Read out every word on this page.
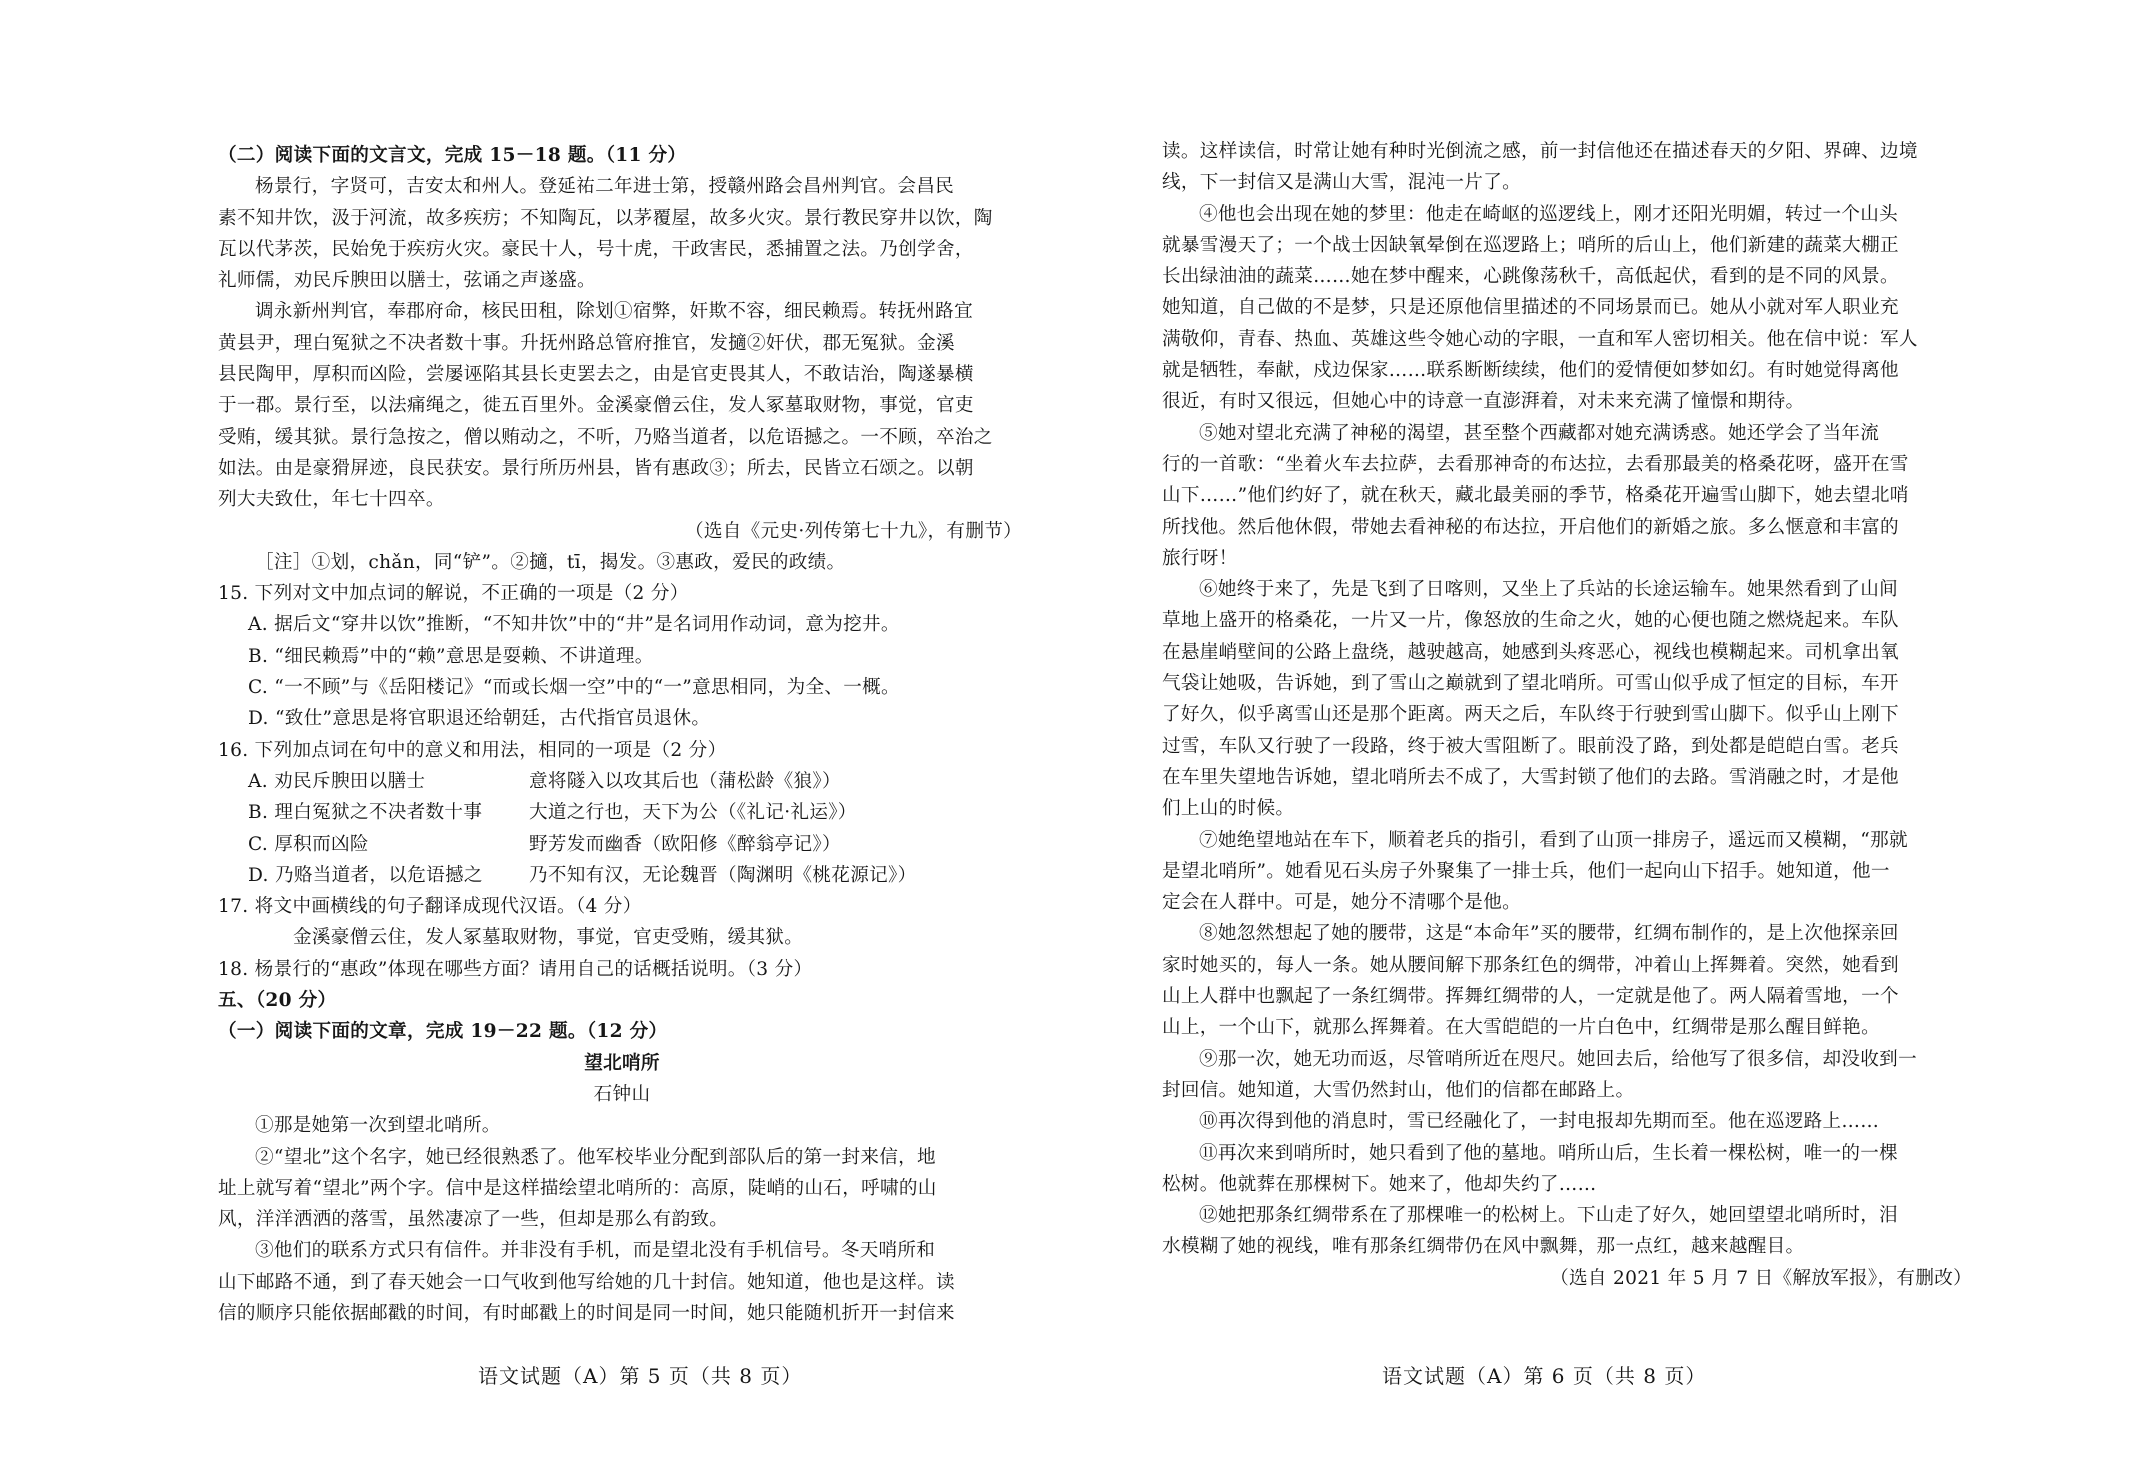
（二）阅读下面的文言文，完成 15－18 题。（11 分）
杨景行，字贤可，吉安太和州人。登延祐二年进士第，授赣州路会昌州判官。会昌民
素不知井饮，汲于河流，故多疾疠；不知陶瓦，以茅覆屋，故多火灾。景行教民穿井以饮，陶
瓦以代茅茨，民始免于疾疠火灾。豪民十人，号十虎，干政害民，悉捕置之法。乃创学舍，
礼师儒，劝民斥腴田以膳士，弦诵之声遂盛。
调永新州判官，奉郡府命，核民田租，除划①宿弊，奸欺不容，细民赖焉。转抚州路宜
黄县尹，理白冤狱之不决者数十事。升抚州路总管府推官，发擿②奸伏，郡无冤狱。金溪
县民陶甲，厚积而凶险，尝屡诬陷其县长吏罢去之，由是官吏畏其人，不敢诘治，陶遂暴横
于一郡。景行至，以法痛绳之，徙五百里外。金溪豪僧云住，发人冢墓取财物，事觉，官吏
受贿，缓其狱。景行急按之，僧以贿动之，不听，乃赂当道者，以危语撼之。一不顾，卒治之
如法。由是豪猾屏迹，良民获安。景行所历州县，皆有惠政③；所去，民皆立石颂之。以朝
列大夫致仕，年七十四卒。
（选自《元史·列传第七十九》，有删节）
［注］①划，chǎn，同“铲”。②擿，tī，揭发。③惠政，爱民的政绩。
15. 下列对文中加点词的解说，不正确的一项是（2 分）
A. 据后文“穿井以饮”推断，“不知井饮”中的“井”是名词用作动词，意为挖井。
B. “细民赖焉”中的“赖”意思是耍赖、不讲道理。
C. “一不顾”与《岳阳楼记》“而或长烟一空”中的“一”意思相同，为全、一概。
D. “致仕”意思是将官职退还给朝廷，古代指官员退休。
16. 下列加点词在句中的意义和用法，相同的一项是（2 分）
A. 劝民斥腴田以膳士	意将隧入以攻其后也（蒲松龄《狼》）
B. 理白冤狱之不决者数十事	大道之行也，天下为公（《礼记·礼运》）
C. 厚积而凶险	野芳发而幽香（欧阳修《醉翁亭记》）
D. 乃赂当道者，以危语撼之	乃不知有汉，无论魏晋（陶渊明《桃花源记》）
17. 将文中画横线的句子翻译成现代汉语。（4 分）
金溪豪僧云住，发人冢墓取财物，事觉，官吏受贿，缓其狱。
18. 杨景行的“惠政”体现在哪些方面？请用自己的话概括说明。（3 分）
五、（20 分）
（一）阅读下面的文章，完成 19－22 题。（12 分）
望北哨所
石钟山
①那是她第一次到望北哨所。
②“望北”这个名字，她已经很熟悉了。他军校毕业分配到部队后的第一封来信，地
址上就写着“望北”两个字。信中是这样描绘望北哨所的：高原，陡峭的山石，呼啸的山
风，洋洋洒洒的落雪，虽然凄凉了一些，但却是那么有韵致。
③他们的联系方式只有信件。并非没有手机，而是望北没有手机信号。冬天哨所和
山下邮路不通，到了春天她会一口气收到他写给她的几十封信。她知道，他也是这样。读
信的顺序只能依据邮戳的时间，有时邮戳上的时间是同一时间，她只能随机折开一封信来
读。这样读信，时常让她有种时光倒流之感，前一封信他还在描述春天的夕阳、界碑、边境
线，下一封信又是满山大雪，混沌一片了。
④他也会出现在她的梦里：他走在崎岖的巡逻线上，刚才还阳光明媚，转过一个山头
就暴雪漫天了；一个战士因缺氧晕倒在巡逻路上；哨所的后山上，他们新建的蔬菜大棚正
长出绿油油的蔬菜……她在梦中醒来，心跳像荡秋千，高低起伏，看到的是不同的风景。
她知道，自己做的不是梦，只是还原他信里描述的不同场景而已。她从小就对军人职业充
满敬仰，青春、热血、英雄这些令她心动的字眼，一直和军人密切相关。他在信中说：军人
就是牺牲，奉献，戍边保家……联系断断续续，他们的爱情便如梦如幻。有时她觉得离他
很近，有时又很远，但她心中的诗意一直澎湃着，对未来充满了憧憬和期待。
⑤她对望北充满了神秘的渴望，甚至整个西藏都对她充满诱惑。她还学会了当年流
行的一首歌：“坐着火车去拉萨，去看那神奇的布达拉，去看那最美的格桑花呀，盛开在雪
山下……”他们约好了，就在秋天，藏北最美丽的季节，格桑花开遍雪山脚下，她去望北哨
所找他。然后他休假，带她去看神秘的布达拉，开启他们的新婚之旅。多么惬意和丰富的
旅行呀！
⑥她终于来了，先是飞到了日喀则，又坐上了兵站的长途运输车。她果然看到了山间
草地上盛开的格桑花，一片又一片，像怒放的生命之火，她的心便也随之燃烧起来。车队
在悬崖峭壁间的公路上盘绕，越驶越高，她感到头疼恶心，视线也模糊起来。司机拿出氧
气袋让她吸，告诉她，到了雪山之巅就到了望北哨所。可雪山似乎成了恒定的目标，车开
了好久，似乎离雪山还是那个距离。两天之后，车队终于行驶到雪山脚下。似乎山上刚下
过雪，车队又行驶了一段路，终于被大雪阻断了。眼前没了路，到处都是皑皑白雪。老兵
在车里失望地告诉她，望北哨所去不成了，大雪封锁了他们的去路。雪消融之时，才是他
们上山的时候。
⑦她绝望地站在车下，顺着老兵的指引，看到了山顶一排房子，遥远而又模糊，“那就
是望北哨所”。她看见石头房子外聚集了一排士兵，他们一起向山下招手。她知道，他一
定会在人群中。可是，她分不清哪个是他。
⑧她忽然想起了她的腰带，这是“本命年”买的腰带，红绸布制作的，是上次他探亲回
家时她买的，每人一条。她从腰间解下那条红色的绸带，冲着山上挥舞着。突然，她看到
山上人群中也飘起了一条红绸带。挥舞红绸带的人，一定就是他了。两人隔着雪地，一个
山上，一个山下，就那么挥舞着。在大雪皑皑的一片白色中，红绸带是那么醒目鲜艳。
⑨那一次，她无功而返，尽管哨所近在咫尺。她回去后，给他写了很多信，却没收到一
封回信。她知道，大雪仍然封山，他们的信都在邮路上。
⑩再次得到他的消息时，雪已经融化了，一封电报却先期而至。他在巡逻路上……
⑪再次来到哨所时，她只看到了他的墓地。哨所山后，生长着一棵松树，唯一的一棵
松树。他就葬在那棵树下。她来了，他却失约了……
⑫她把那条红绸带系在了那棵唯一的松树上。下山走了好久，她回望望北哨所时，泪
水模糊了她的视线，唯有那条红绸带仍在风中飘舞，那一点红，越来越醒目。
（选自 2021 年 5 月 7 日《解放军报》，有删改）
语文试题（A）第 5 页（共 8 页）	语文试题（A）第 6 页（共 8 页）
